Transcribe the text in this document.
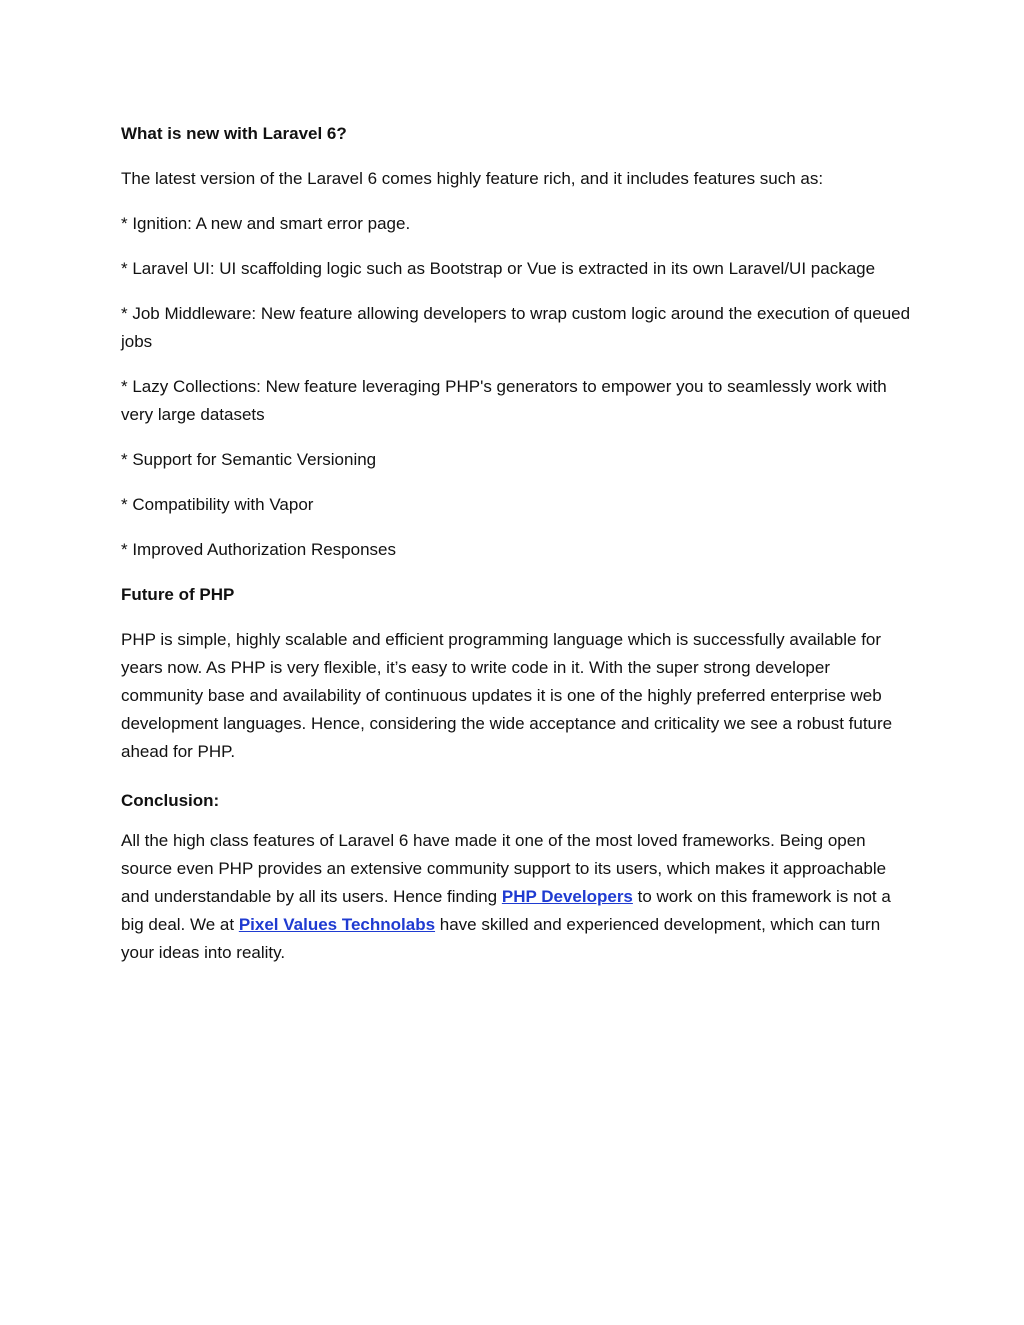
What is new with Laravel 6?

The latest version of the Laravel 6 comes highly feature rich, and it includes features such as:

* Ignition: A new and smart error page.

* Laravel UI: UI scaffolding logic such as Bootstrap or Vue is extracted in its own Laravel/UI package

* Job Middleware: New feature allowing developers to wrap custom logic around the execution of queued jobs

* Lazy Collections: New feature leveraging PHP's generators to empower you to seamlessly work with very large datasets

* Support for Semantic Versioning

* Compatibility with Vapor

* Improved Authorization Responses

Future of PHP

PHP is simple, highly scalable and efficient programming language which is successfully available for years now. As PHP is very flexible, it’s easy to write code in it. With the super strong developer community base and availability of continuous updates it is one of the highly preferred enterprise web development languages. Hence, considering the wide acceptance and criticality we see a robust future ahead for PHP.

Conclusion:

All the high class features of Laravel 6 have made it one of the most loved frameworks. Being open source even PHP provides an extensive community support to its users, which makes it approachable and understandable by all its users. Hence finding PHP Developers to work on this framework is not a big deal. We at Pixel Values Technolabs have skilled and experienced development, which can turn your ideas into reality.
